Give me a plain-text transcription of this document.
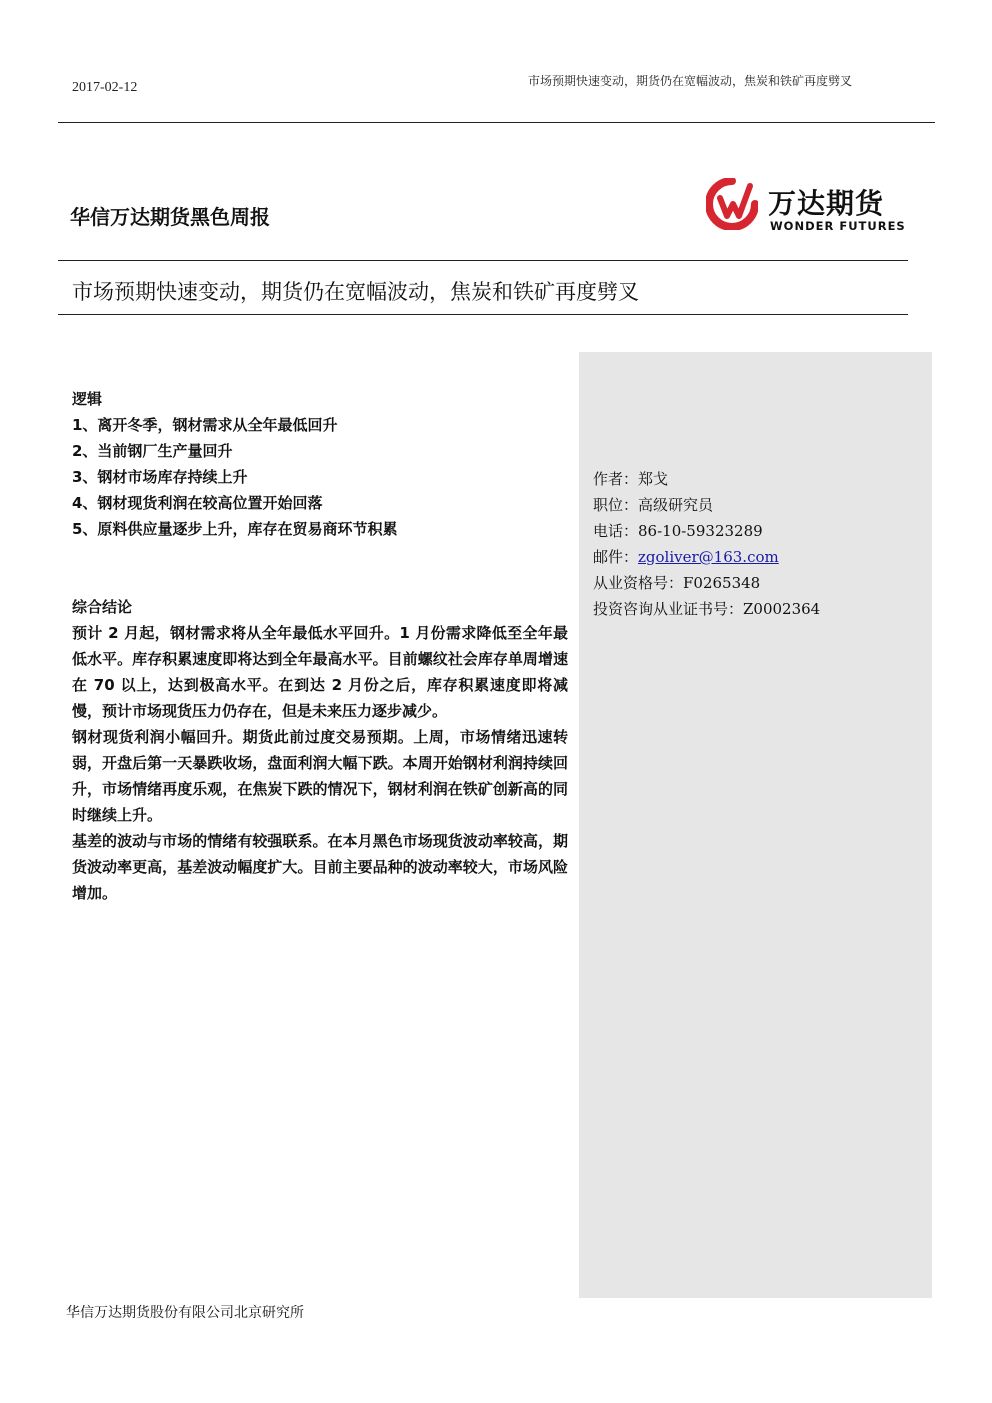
2017-02-12	市场预期快速变动，期货仍在宽幅波动，焦炭和铁矿再度劈叉
华信万达期货黑色周报	万达期货
WONDER FUTURES
市场预期快速变动，期货仍在宽幅波动，焦炭和铁矿再度劈叉
作者：郑戈
职位：高级研究员
电话：86-10-59323289
邮件：zgoliver@163.com
从业资格号：F0265348
投资咨询从业证书号：Z0002364
逻辑
1、离开冬季，钢材需求从全年最低回升
2、当前钢厂生产量回升
3、钢材市场库存持续上升
4、钢材现货利润在较高位置开始回落
5、原料供应量逐步上升，库存在贸易商环节积累
综合结论
预计 2 月起，钢材需求将从全年最低水平回升。1 月份需求降低至全年最低水平。库存积累速度即将达到全年最高水平。目前螺纹社会库存单周增速在 70 以上，达到极高水平。在到达 2 月份之后，库存积累速度即将减慢，预计市场现货压力仍存在，但是未来压力逐步减少。
钢材现货利润小幅回升。期货此前过度交易预期。上周，市场情绪迅速转弱，开盘后第一天暴跌收场，盘面利润大幅下跌。本周开始钢材利润持续回升，市场情绪再度乐观，在焦炭下跌的情况下，钢材利润在铁矿创新高的同时继续上升。
基差的波动与市场的情绪有较强联系。在本月黑色市场现货波动率较高，期货波动率更高，基差波动幅度扩大。目前主要品种的波动率较大，市场风险增加。
华信万达期货股份有限公司北京研究所
